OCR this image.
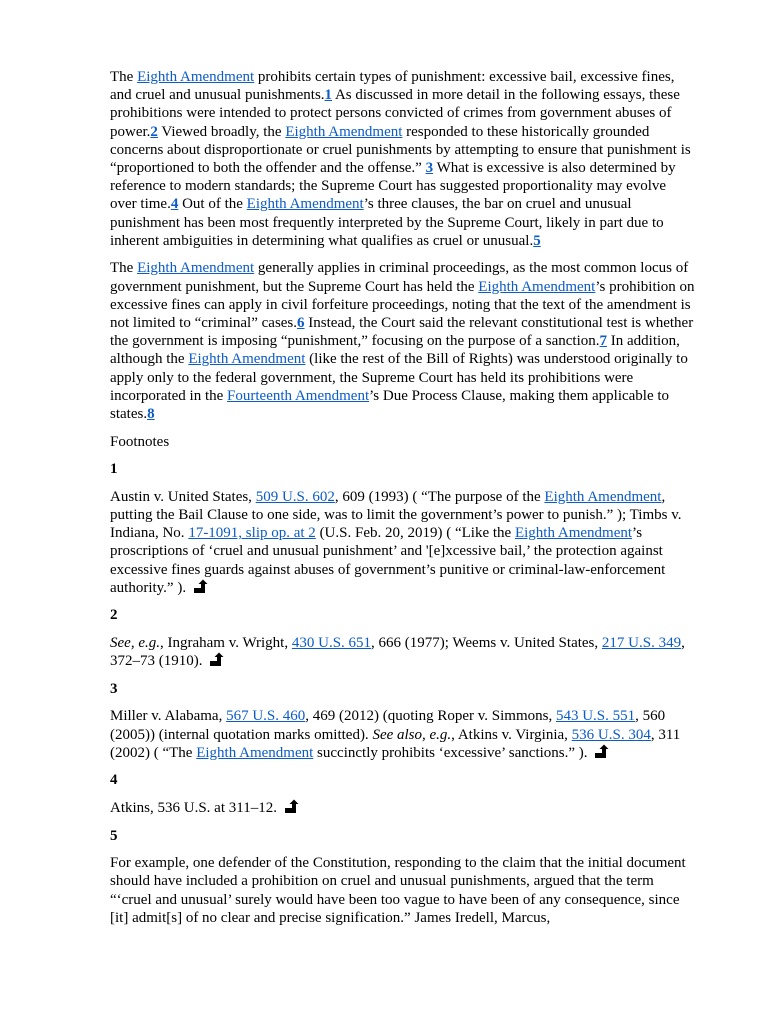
The Eighth Amendment prohibits certain types of punishment: excessive bail, excessive fines, and cruel and unusual punishments.1 As discussed in more detail in the following essays, these prohibitions were intended to protect persons convicted of crimes from government abuses of power.2 Viewed broadly, the Eighth Amendment responded to these historically grounded concerns about disproportionate or cruel punishments by attempting to ensure that punishment is “proportioned to both the offender and the offense.” 3 What is excessive is also determined by reference to modern standards; the Supreme Court has suggested proportionality may evolve over time.4 Out of the Eighth Amendment’s three clauses, the bar on cruel and unusual punishment has been most frequently interpreted by the Supreme Court, likely in part due to inherent ambiguities in determining what qualifies as cruel or unusual.5

The Eighth Amendment generally applies in criminal proceedings, as the most common locus of government punishment, but the Supreme Court has held the Eighth Amendment’s prohibition on excessive fines can apply in civil forfeiture proceedings, noting that the text of the amendment is not limited to “criminal” cases.6 Instead, the Court said the relevant constitutional test is whether the government is imposing “punishment,” focusing on the purpose of a sanction.7 In addition, although the Eighth Amendment (like the rest of the Bill of Rights) was understood originally to apply only to the federal government, the Supreme Court has held its prohibitions were incorporated in the Fourteenth Amendment’s Due Process Clause, making them applicable to states.8

Footnotes

1

Austin v. United States, 509 U.S. 602, 609 (1993) ( “The purpose of the Eighth Amendment, putting the Bail Clause to one side, was to limit the government’s power to punish.” ); Timbs v. Indiana, No. 17-1091, slip op. at 2 (U.S. Feb. 20, 2019) ( “Like the Eighth Amendment’s proscriptions of ‘cruel and unusual punishment’ and '[e]xcessive bail,’ the protection against excessive fines guards against abuses of government’s punitive or criminal-law-enforcement authority.” ).

2

See, e.g., Ingraham v. Wright, 430 U.S. 651, 666 (1977); Weems v. United States, 217 U.S. 349, 372–73 (1910).

3

Miller v. Alabama, 567 U.S. 460, 469 (2012) (quoting Roper v. Simmons, 543 U.S. 551, 560 (2005)) (internal quotation marks omitted). See also, e.g., Atkins v. Virginia, 536 U.S. 304, 311 (2002) ( “The Eighth Amendment succinctly prohibits ‘excessive’ sanctions.” ).

4

Atkins, 536 U.S. at 311–12.

5

For example, one defender of the Constitution, responding to the claim that the initial document should have included a prohibition on cruel and unusual punishments, argued that the term “‘cruel and unusual’ surely would have been too vague to have been of any consequence, since [it] admit[s] of no clear and precise signification.” James Iredell, Marcus,
